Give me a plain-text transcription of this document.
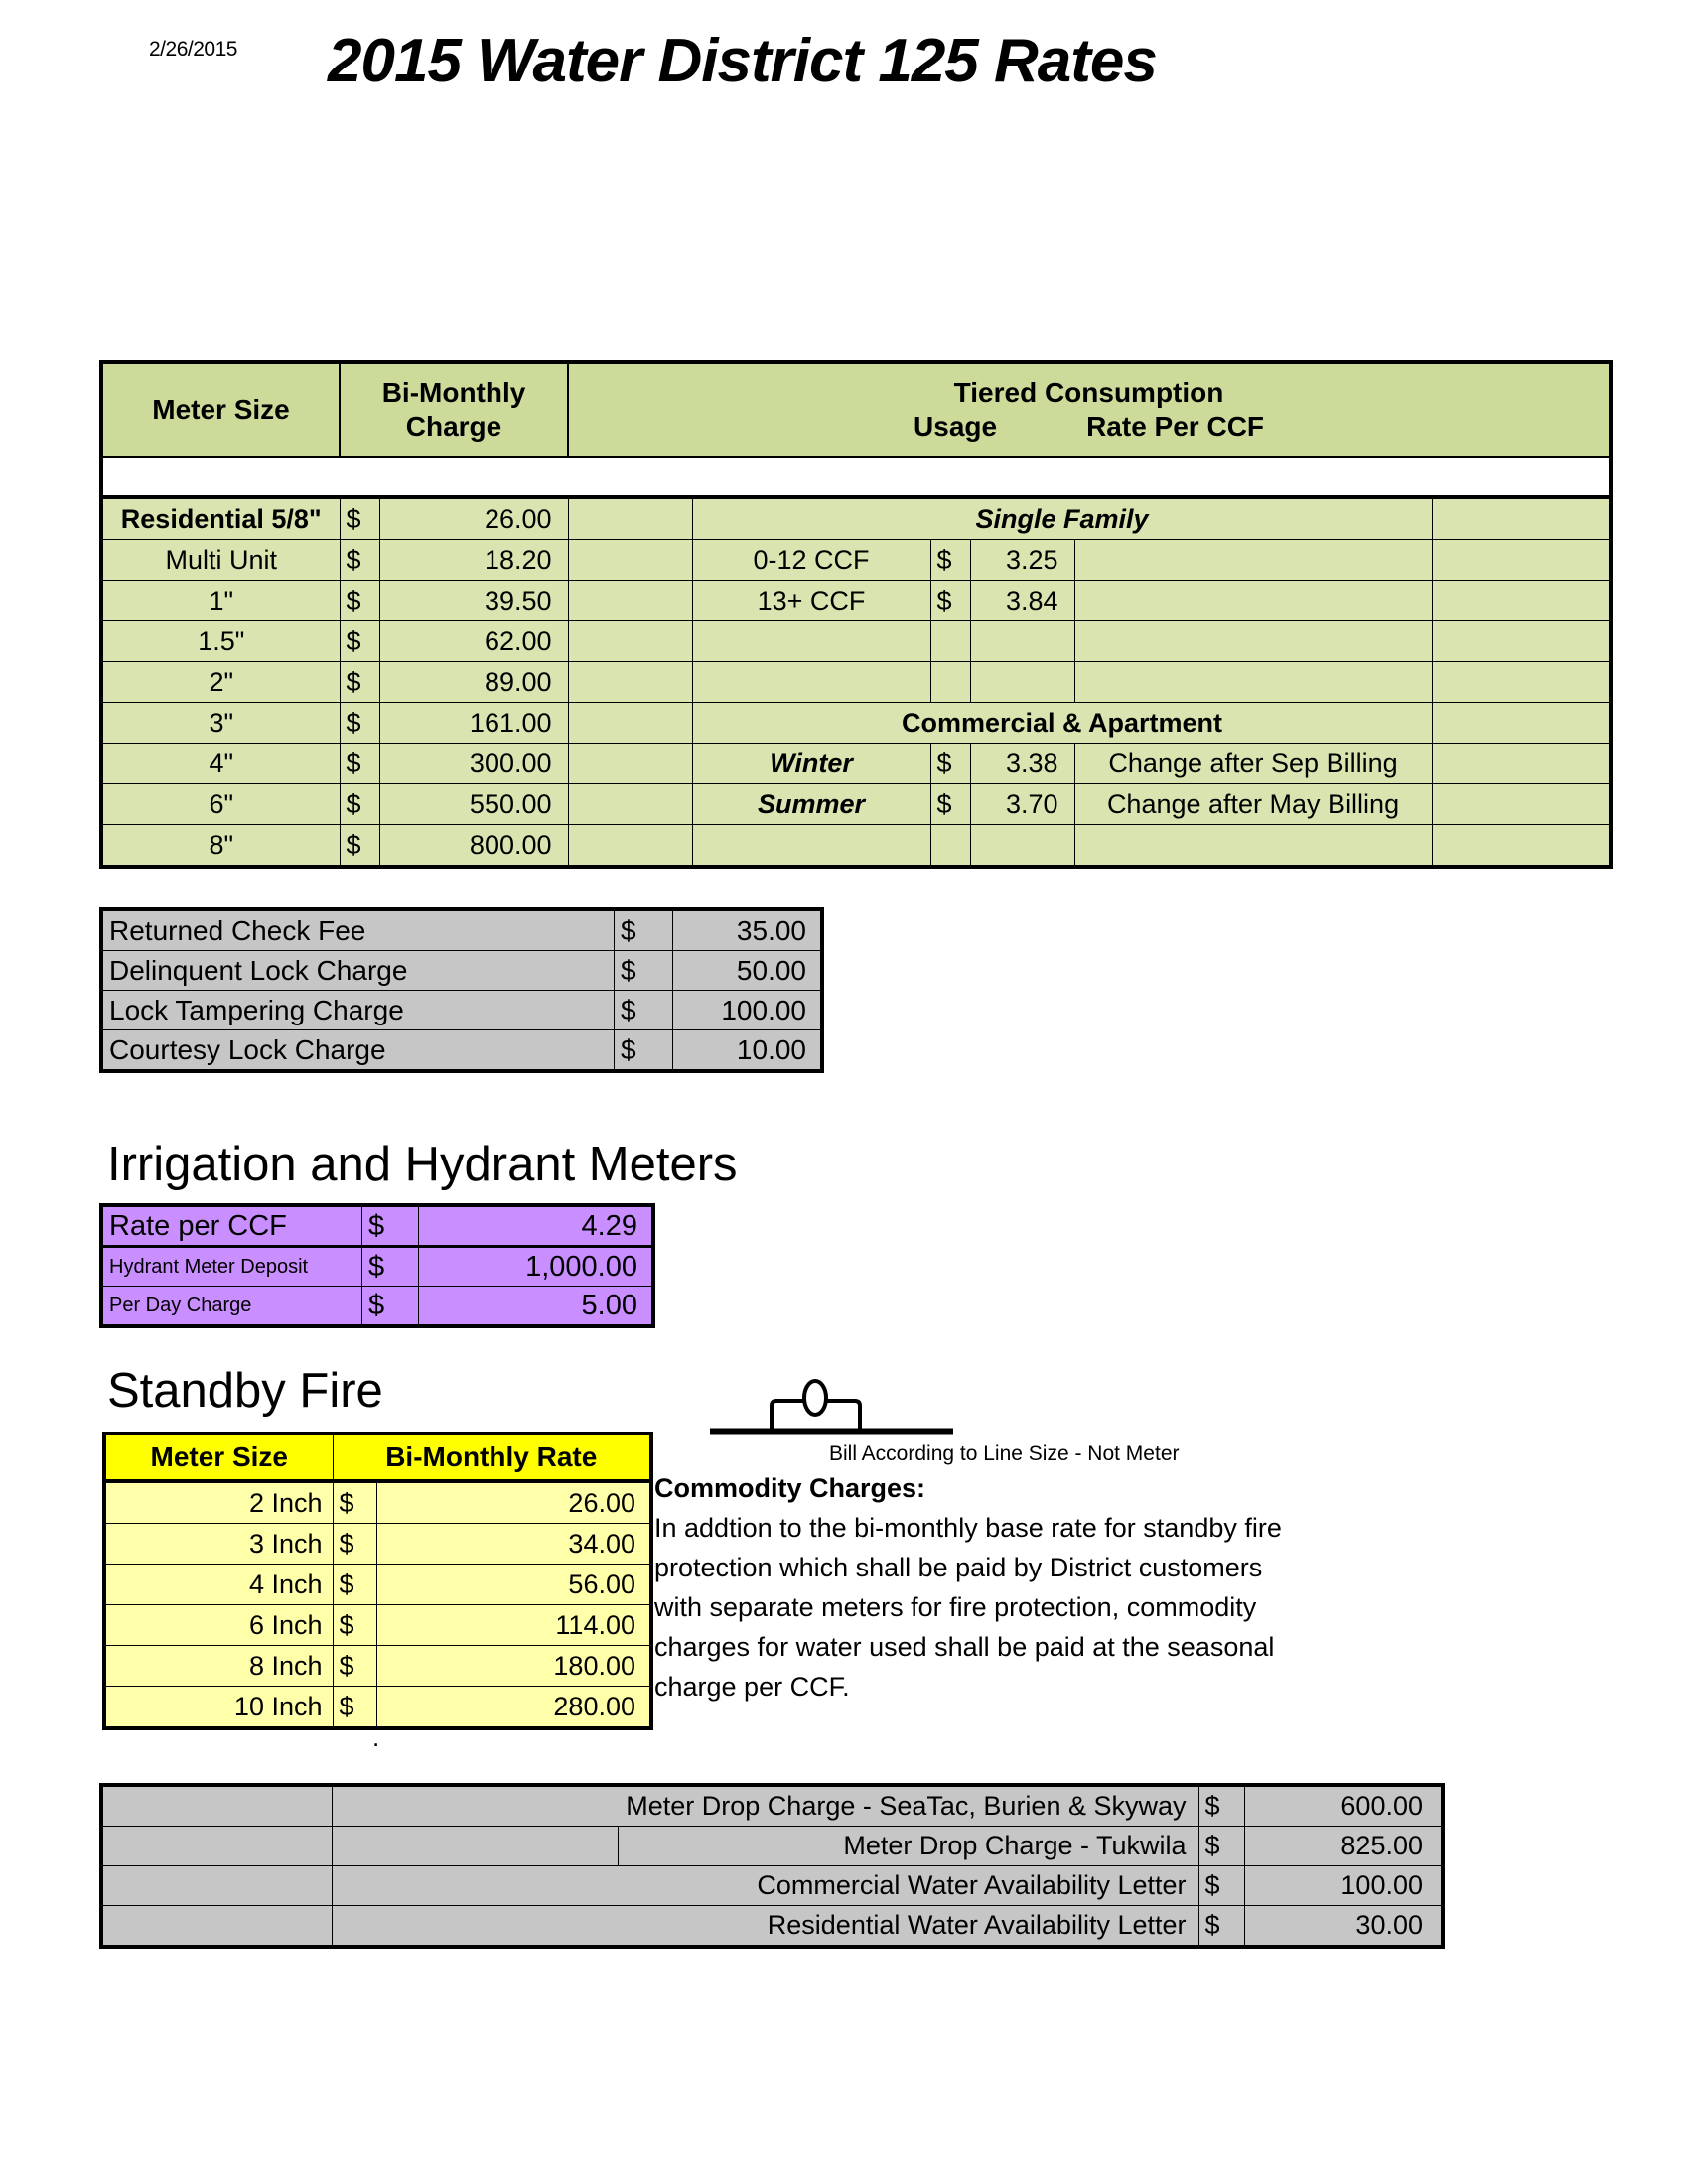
2/26/2015 2015 Water District 125 Rates
Meter Size	
Bi-Monthly
Charge

Tiered Consumption
Usage	Rate Per CCF

Residential 5/8"	$	26.00		Single Family				
Multi Unit	$	18.20		0-12 CCF	$	3.25		
1"	$	39.50		13+ CCF	$	3.84		
1.5"	$	62.00						
2"	$	89.00						
3"	$	161.00		Commercial & Apartment				
4"	$	300.00		Winter	$	3.38	Change after Sep Billing	
6"	$	550.00		Summer	$	3.70	Change after May Billing	
8"	$	800.00						
Returned Check Fee	$	35.00
Delinquent Lock Charge	$	50.00
Lock Tampering Charge	$	100.00
Courtesy Lock Charge	$	10.00
Irrigation and Hydrant Meters
Rate per CCF	$	4.29
Hydrant Meter Deposit	$	1,000.00
Per Day Charge	$	5.00
Standby Fire
Meter Size	Bi-Monthly Rate	
2 Inch	$	26.00
3 Inch	$	34.00
4 Inch	$	56.00
6 Inch	$	114.00
8 Inch	$	180.00
10 Inch	$	280.00
Bill According to Line Size - Not Meter
.
Commodity Charges:

In addtion to the bi-monthly base rate for standby fire

protection which shall be paid by District customers

with separate meters for fire protection, commodity

charges for water used shall be paid at the seasonal

charge per CCF.

	Meter Drop Charge - SeaTac, Burien & Skyway		$	600.00
		Meter Drop Charge - Tukwila	$	825.00
	Commercial Water Availability Letter		$	100.00
	Residential Water Availability Letter		$	30.00
